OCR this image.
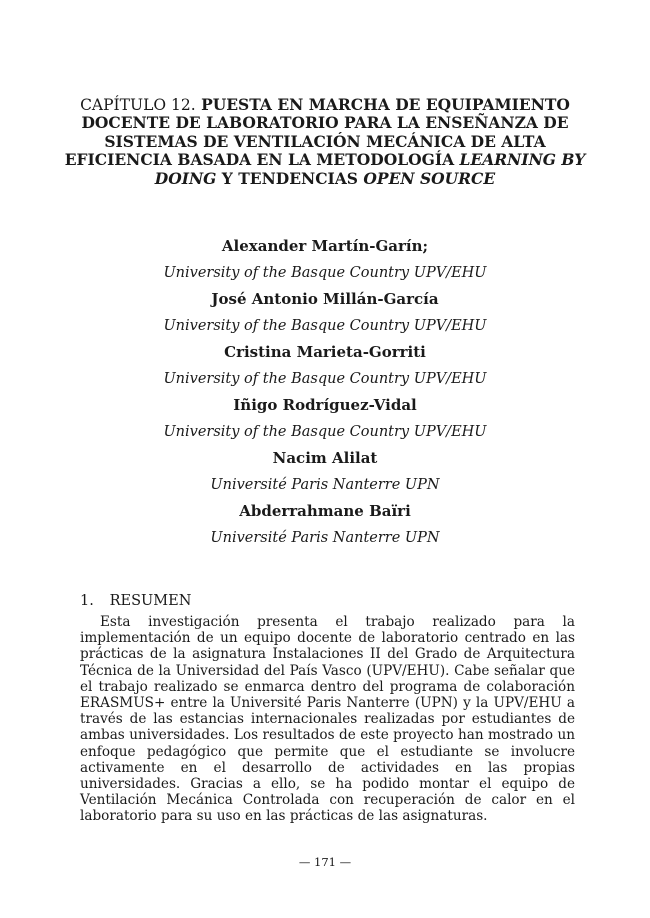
CAPÍTULO 12. PUESTA EN MARCHA DE EQUIPAMIENTO DOCENTE DE LABORATORIO PARA LA ENSEÑANZA DE SISTEMAS DE VENTILACIÓN MECÁNICA DE ALTA EFICIENCIA BASADA EN LA METODOLOGÍA LEARNING BY DOING Y TENDENCIAS OPEN SOURCE

Alexander Martín-Garín;

University of the Basque Country UPV/EHU

José Antonio Millán-García

University of the Basque Country UPV/EHU

Cristina Marieta-Gorriti

University of the Basque Country UPV/EHU

Iñigo Rodríguez-Vidal

University of the Basque Country UPV/EHU

Nacim Alilat

Université Paris Nanterre UPN

Abderrahmane Baïri

Université Paris Nanterre UPN

1. RESUMEN

Esta investigación presenta el trabajo realizado para la implementación de un equipo docente de laboratorio centrado en las prácticas de la asignatura Instalaciones II del Grado de Arquitectura Técnica de la Universidad del País Vasco (UPV/EHU). Cabe señalar que el trabajo realizado se enmarca dentro del programa de colaboración ERASMUS+ entre la Université Paris Nanterre (UPN) y la UPV/EHU a través de las estancias internacionales realizadas por estudiantes de ambas universidades. Los resultados de este proyecto han mostrado un enfoque pedagógico que permite que el estudiante se involucre activamente en el desarrollo de actividades en las propias universidades. Gracias a ello, se ha podido montar el equipo de Ventilación Mecánica Controlada con recuperación de calor en el laboratorio para su uso en las prácticas de las asignaturas.

— 171 —
